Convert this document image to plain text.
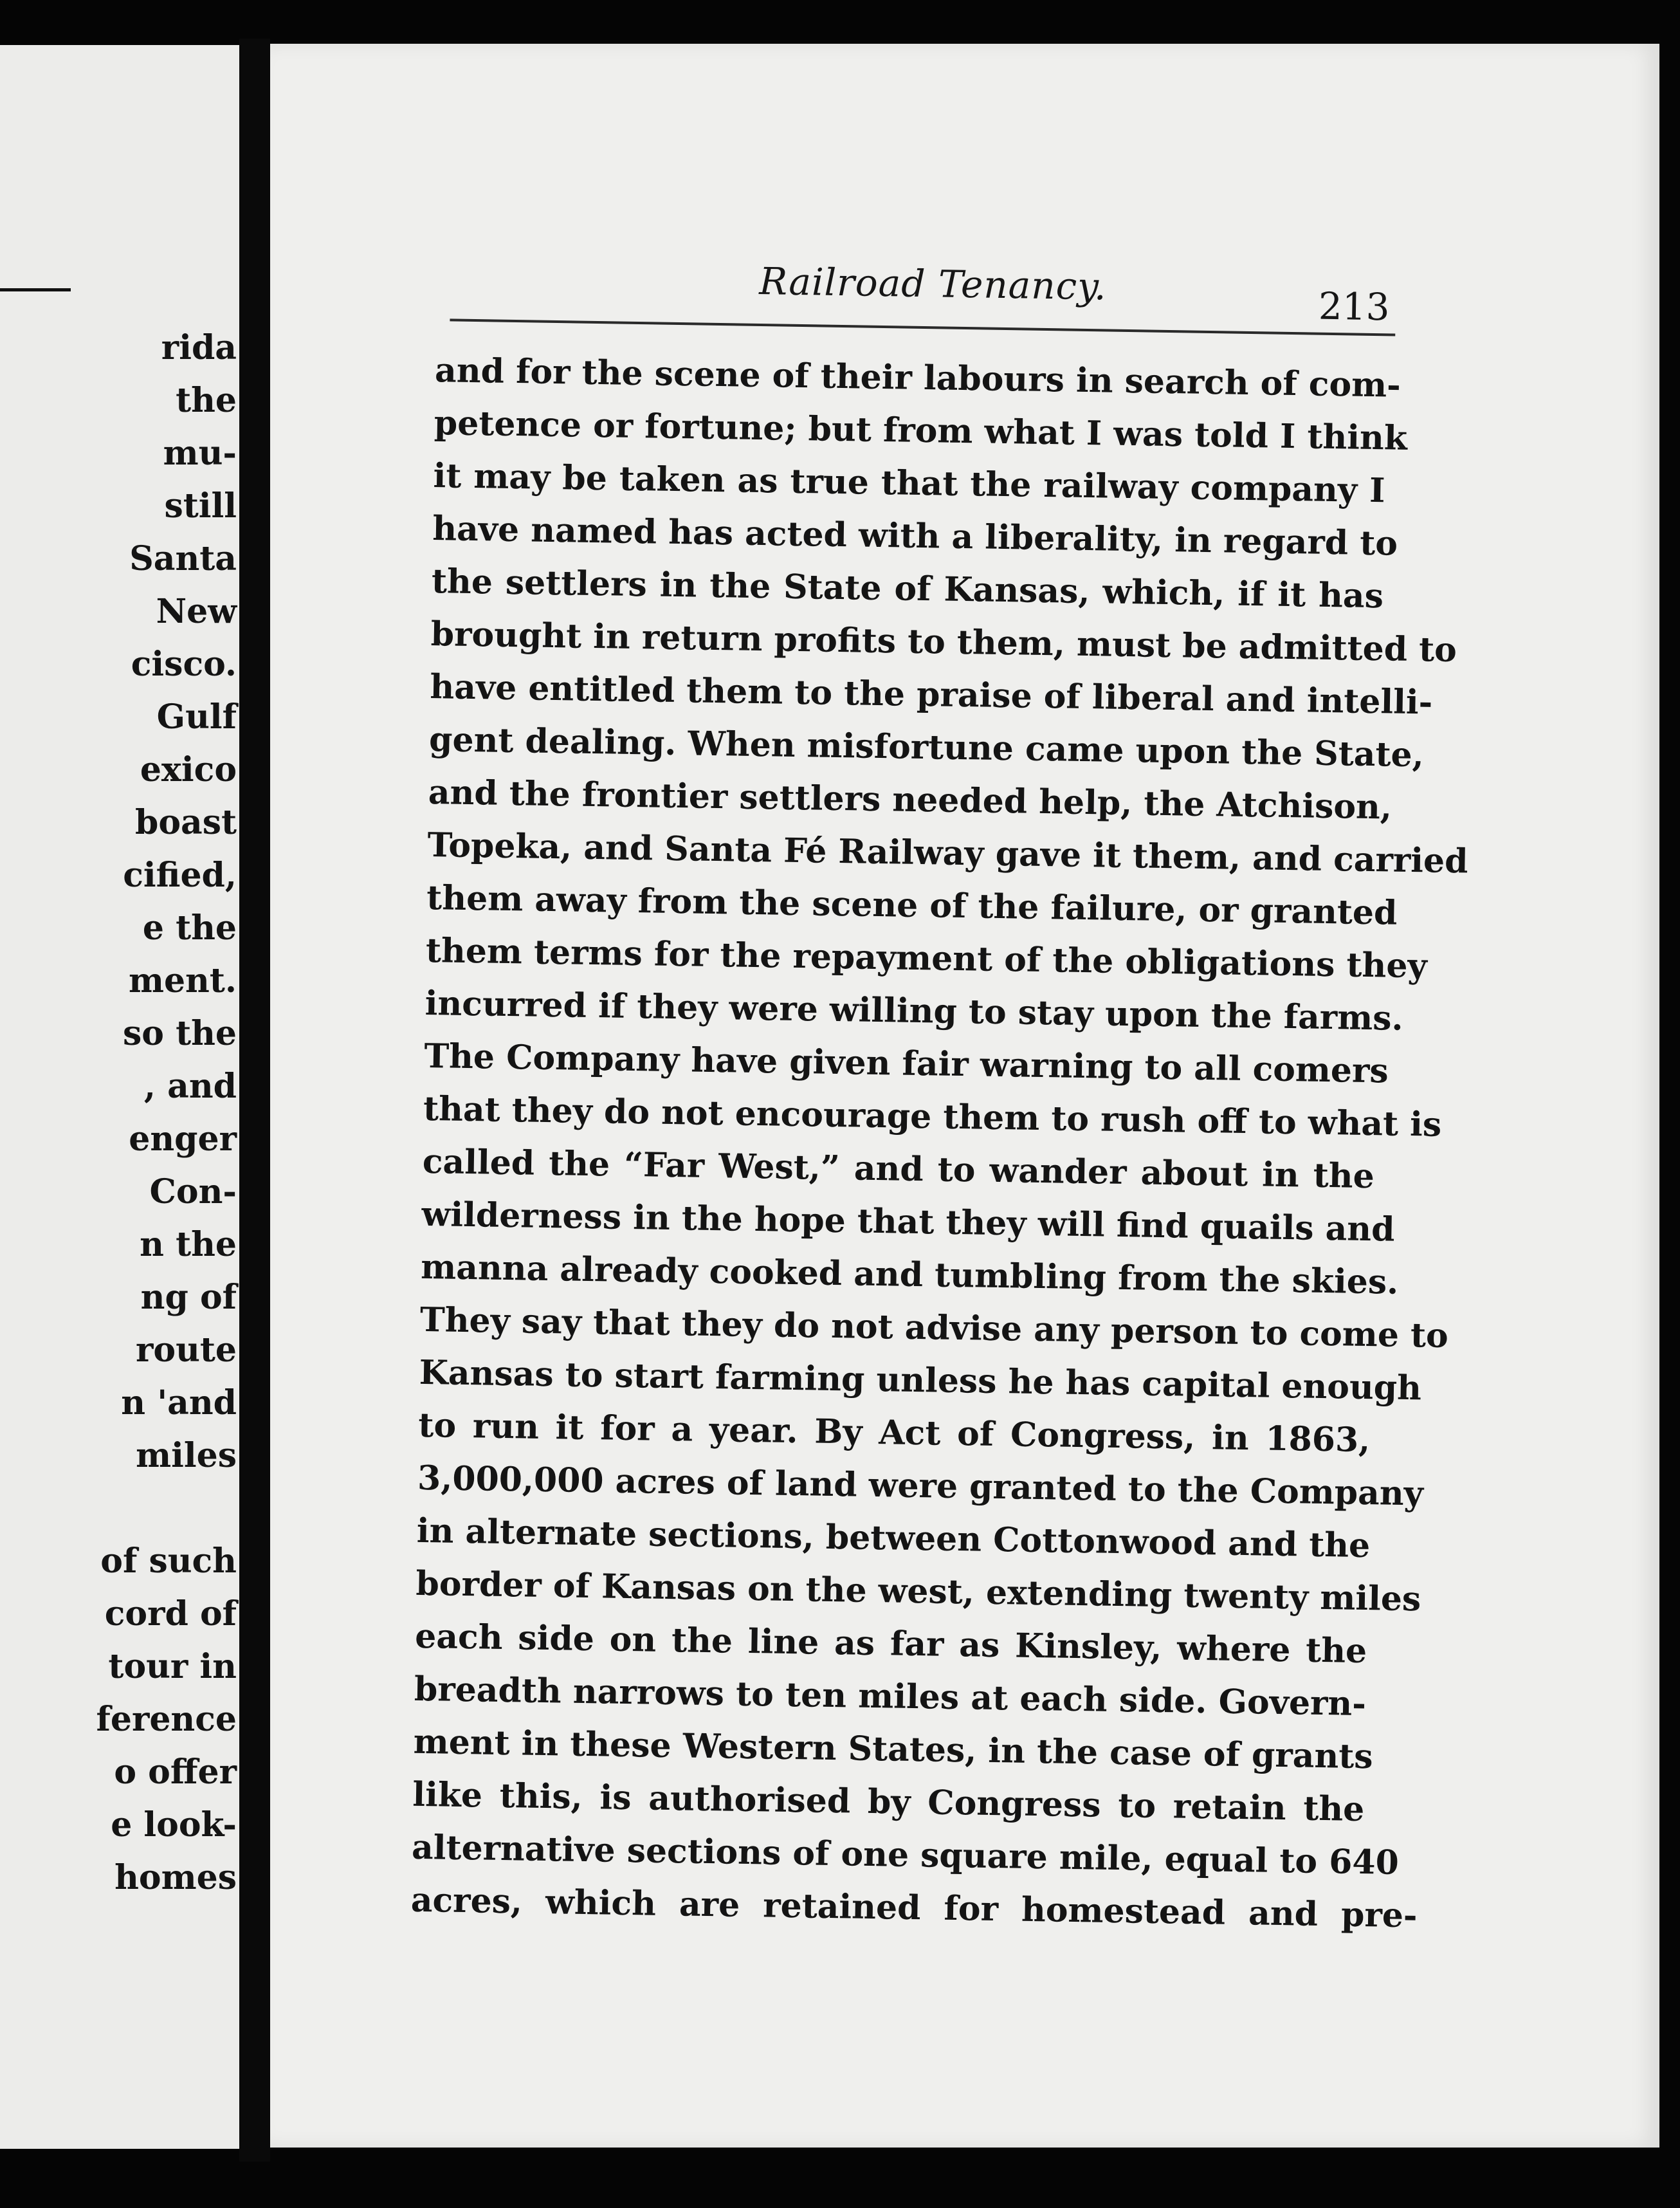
rida
the
mu-
still
Santa
New
cisco.
Gulf
exico
boast
cified,
e the
ment.
so the
, and
enger
Con-
n the
ng of
route
n 'and
miles
of such
cord of
tour in
ference
o offer
e look-
homes
Railroad Tenancy.	213
and for the scene of their labours in search of com-
petence or fortune; but from what I was told I think
it may be taken as true that the railway company I
have named has acted with a liberality, in regard to
the settlers in the State of Kansas, which, if it has
brought in return profits to them, must be admitted to
have entitled them to the praise of liberal and intelli-
gent dealing. When misfortune came upon the State,
and the frontier settlers needed help, the Atchison,
Topeka, and Santa Fé Railway gave it them, and carried
them away from the scene of the failure, or granted
them terms for the repayment of the obligations they
incurred if they were willing to stay upon the farms.
The Company have given fair warning to all comers
that they do not encourage them to rush off to what is
called the “Far West,” and to wander about in the
wilderness in the hope that they will find quails and
manna already cooked and tumbling from the skies.
They say that they do not advise any person to come to
Kansas to start farming unless he has capital enough
to run it for a year. By Act of Congress, in 1863,
3,000,000 acres of land were granted to the Company
in alternate sections, between Cottonwood and the
border of Kansas on the west, extending twenty miles
each side on the line as far as Kinsley, where the
breadth narrows to ten miles at each side. Govern-
ment in these Western States, in the case of grants
like this, is authorised by Congress to retain the
alternative sections of one square mile, equal to 640
acres, which are retained for homestead and pre-
